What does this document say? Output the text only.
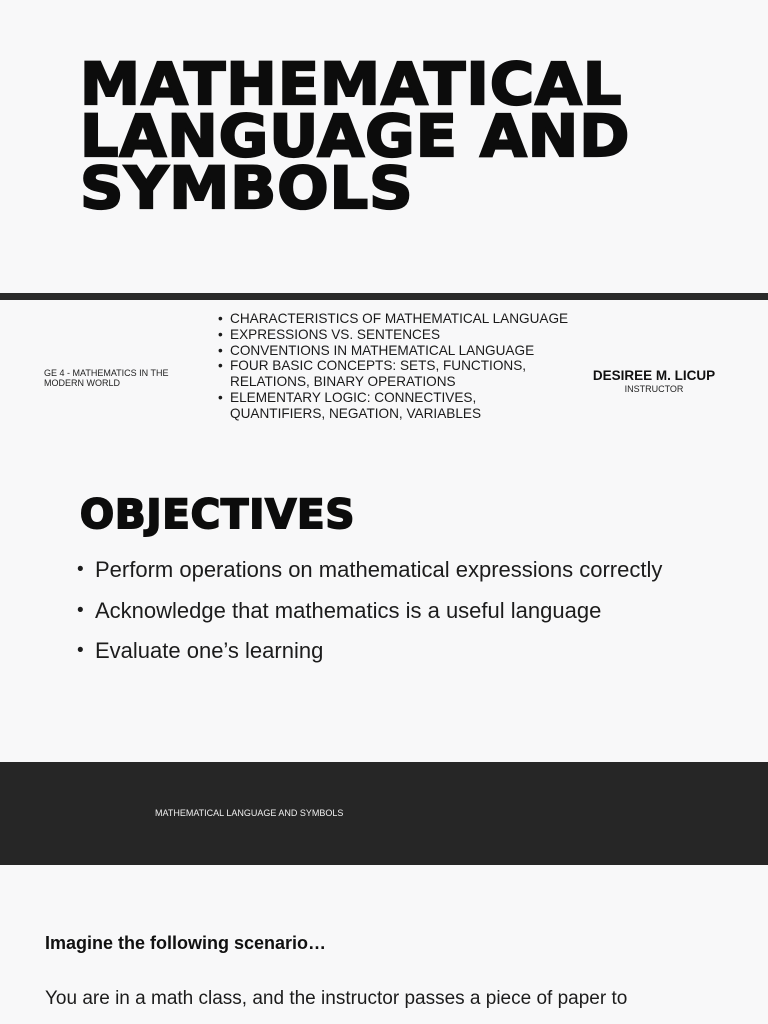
MATHEMATICAL
LANGUAGE AND
SYMBOLS
GE 4 - MATHEMATICS IN THE MODERN WORLD
• CHARACTERISTICS OF MATHEMATICAL LANGUAGE
• EXPRESSIONS VS. SENTENCES
• CONVENTIONS IN MATHEMATICAL LANGUAGE
• FOUR BASIC CONCEPTS: SETS, FUNCTIONS, RELATIONS, BINARY OPERATIONS
• ELEMENTARY LOGIC: CONNECTIVES, QUANTIFIERS, NEGATION, VARIABLES
DESIREE M. LICUP
INSTRUCTOR
OBJECTIVES
• Perform operations on mathematical expressions correctly
• Acknowledge that mathematics is a useful language
• Evaluate one’s learning
MATHEMATICAL LANGUAGE AND SYMBOLS
Imagine the following scenario…
You are in a math class, and the instructor passes a piece of paper to
